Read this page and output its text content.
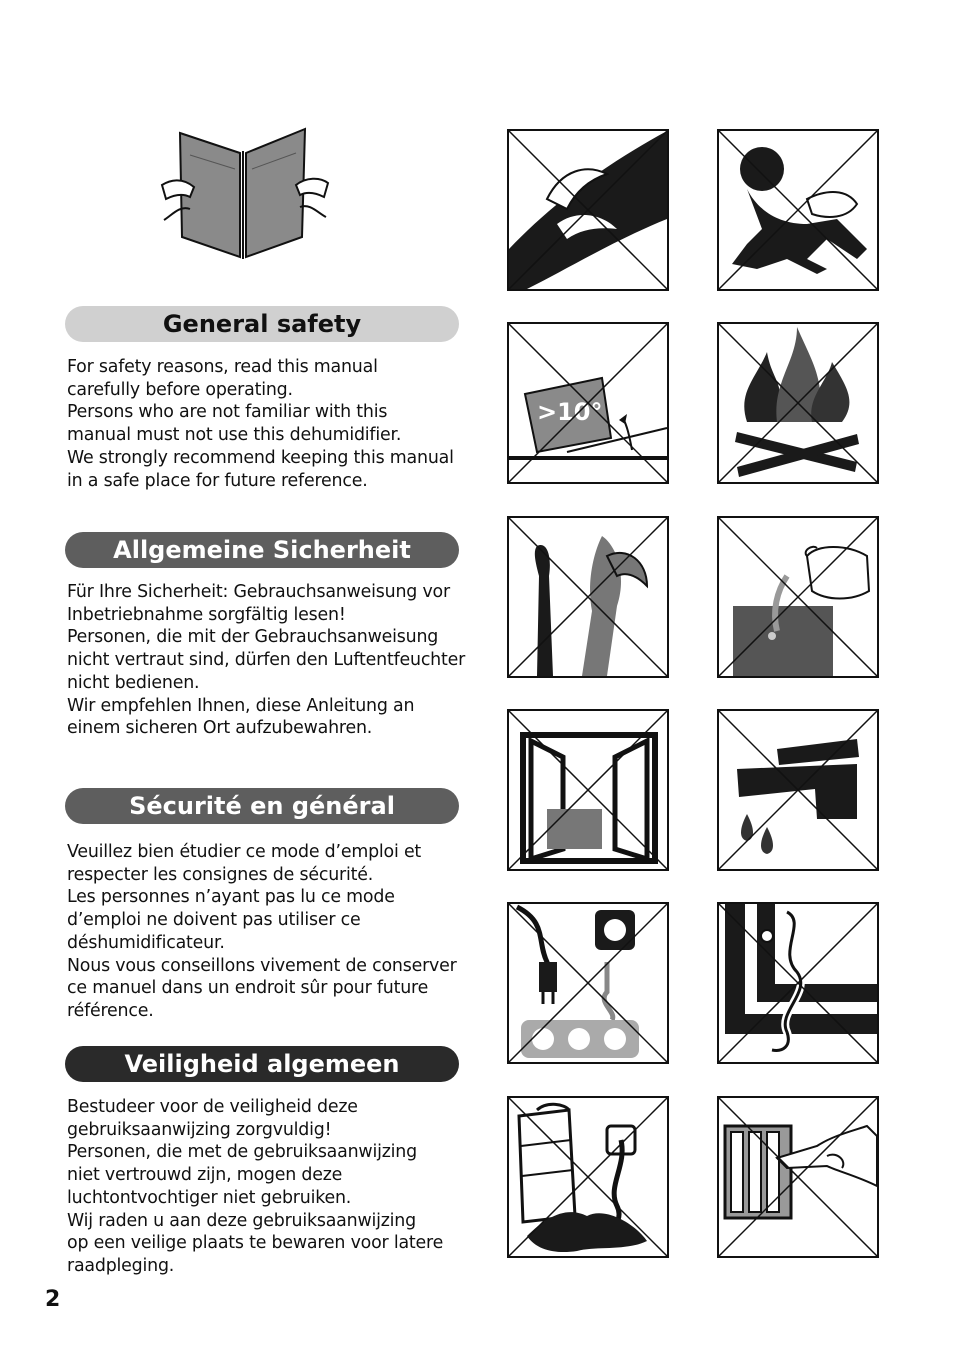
General safety
For safety reasons, read this manual
carefully before operating.
Persons who are not familiar with this
manual must not use this dehumidifier.
We strongly recommend keeping this manual
in a safe place for future reference.
Allgemeine Sicherheit
Für Ihre Sicherheit: Gebrauchsanweisung vor
Inbetriebnahme sorgfältig lesen!
Personen, die mit der Gebrauchsanweisung
nicht vertraut sind, dürfen den Luftentfeuchter
nicht bedienen.
Wir empfehlen Ihnen, diese Anleitung an
einem sicheren Ort aufzubewahren.
Sécurité en général
Veuillez bien étudier ce mode d’emploi et
respecter les consignes de sécurité.
Les personnes n’ayant pas lu ce mode
d’emploi ne doivent pas utiliser ce
déshumidificateur.
Nous vous conseillons vivement de conserver
ce manuel dans un endroit sûr pour future
référence.
Veiligheid algemeen
Bestudeer voor de veiligheid deze
gebruiksaanwijzing zorgvuldig!
Personen, die met de gebruiksaanwijzing
niet vertrouwd zijn, mogen deze
luchtontvochtiger niet gebruiken.
Wij raden u aan deze gebruiksaanwijzing
op een veilige plaats te bewaren voor latere
raadpleging.
2
>10°
